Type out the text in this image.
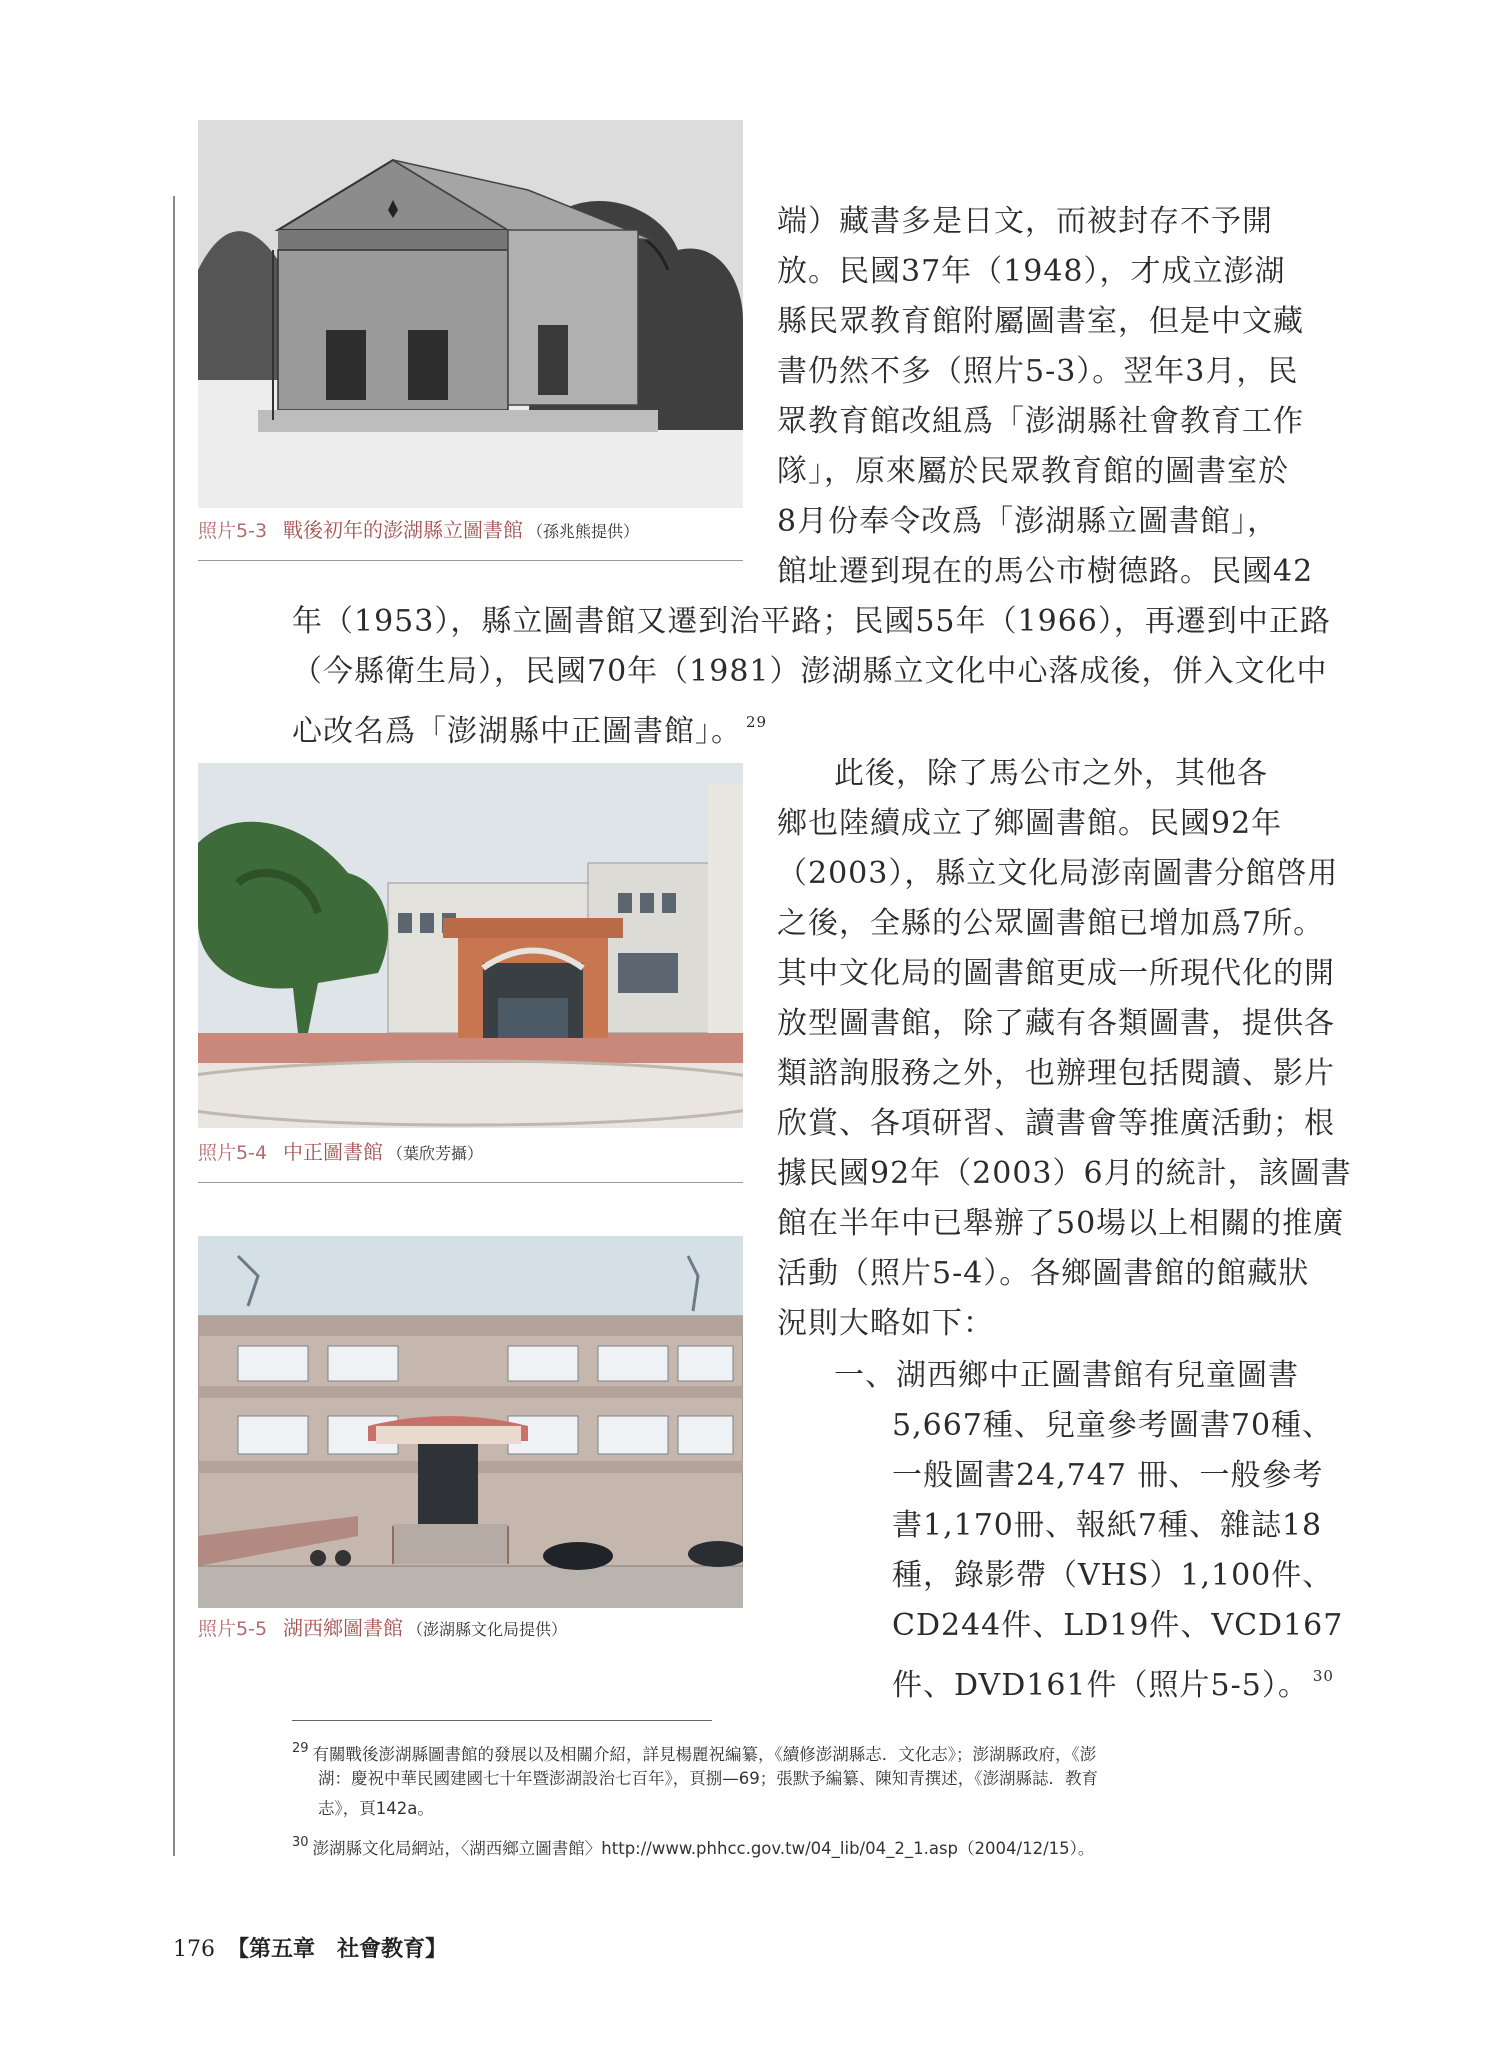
照片5-3 戰後初年的澎湖縣立圖書館 （孫兆熊提供）
照片5-4 中正圖書館 （葉欣芳攝）
照片5-5 湖西鄉圖書館 （澎湖縣文化局提供）
端）藏書多是日文，而被封存不予開
放。民國37年（1948），才成立澎湖
縣民眾教育館附屬圖書室，但是中文藏
書仍然不多（照片5-3）。翌年3月，民
眾教育館改組爲「澎湖縣社會教育工作
隊」，原來屬於民眾教育館的圖書室於
8月份奉令改爲「澎湖縣立圖書館」，
館址遷到現在的馬公市樹德路。民國42
年（1953），縣立圖書館又遷到治平路；民國55年（1966），再遷到中正路
（今縣衛生局），民國70年（1981）澎湖縣立文化中心落成後，併入文化中
心改名爲「澎湖縣中正圖書館」。 $^{29}$
此後，除了馬公市之外，其他各
鄉也陸續成立了鄉圖書館。民國92年
（2003），縣立文化局澎南圖書分館啓用
之後，全縣的公眾圖書館已增加爲7所。
其中文化局的圖書館更成一所現代化的開
放型圖書館，除了藏有各類圖書，提供各
類諮詢服務之外，也辦理包括閱讀、影片
欣賞、各項研習、讀書會等推廣活動；根
據民國92年（2003）6月的統計，該圖書
館在半年中已舉辦了50場以上相關的推廣
活動（照片5-4）。各鄉圖書館的館藏狀
況則大略如下：
一、湖西鄉中正圖書館有兒童圖書
5,667種、兒童參考圖書70種、
一般圖書24,747 冊、一般參考
書1,170冊、報紙7種、雜誌18
種，錄影帶（VHS）1,100件、
CD244件、LD19件、VCD167
件、DVD161件（照片5-5）。 $^{30}$
$^{29}$ 有關戰後澎湖縣圖書館的發展以及相關介紹，詳見楊麗祝編纂，《續修澎湖縣志．文化志》；澎湖縣政府，《澎
湖：慶祝中華民國建國七十年暨澎湖設治七百年》，頁捌—69；張默予編纂、陳知青撰述，《澎湖縣誌．教育
志》，頁142a。
$^{30}$ 澎湖縣文化局網站，〈湖西鄉立圖書館〉http://www.phhcc.gov.tw/04_lib/04_2_1.asp（2004/12/15）。
176 【第五章　社會教育】
